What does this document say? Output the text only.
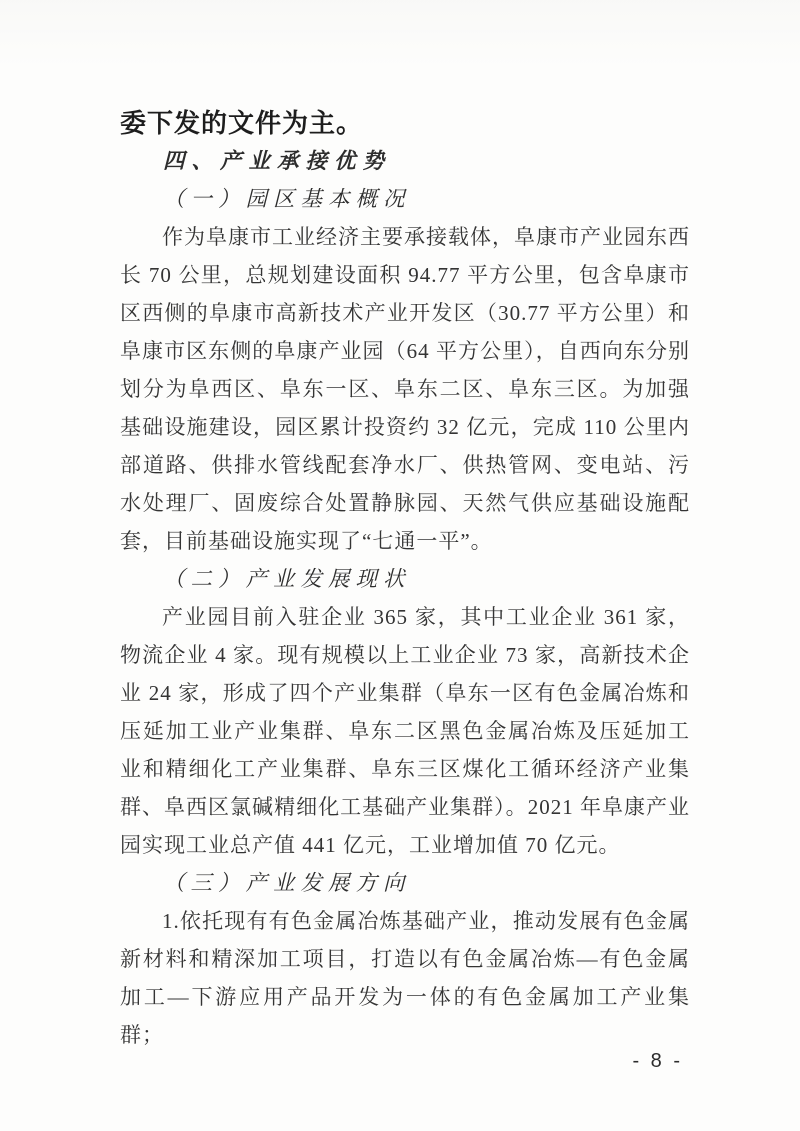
委下发的文件为主。

四、产业承接优势

（一）园区基本概况

作为阜康市工业经济主要承接载体，阜康市产业园东西长 70 公里，总规划建设面积 94.77 平方公里，包含阜康市区西侧的阜康市高新技术产业开发区（30.77 平方公里）和阜康市区东侧的阜康产业园（64 平方公里），自西向东分别划分为阜西区、阜东一区、阜东二区、阜东三区。为加强基础设施建设，园区累计投资约 32 亿元，完成 110 公里内部道路、供排水管线配套净水厂、供热管网、变电站、污水处理厂、固废综合处置静脉园、天然气供应基础设施配套，目前基础设施实现了“七通一平”。

（二）产业发展现状

产业园目前入驻企业 365 家，其中工业企业 361 家，物流企业 4 家。现有规模以上工业企业 73 家，高新技术企业 24 家，形成了四个产业集群（阜东一区有色金属冶炼和压延加工业产业集群、阜东二区黑色金属冶炼及压延加工业和精细化工产业集群、阜东三区煤化工循环经济产业集群、阜西区氯碱精细化工基础产业集群）。2021 年阜康产业园实现工业总产值 441 亿元，工业增加值 70 亿元。

（三）产业发展方向

1.依托现有有色金属冶炼基础产业，推动发展有色金属新材料和精深加工项目，打造以有色金属冶炼—有色金属加工—下游应用产品开发为一体的有色金属加工产业集群；

- 8 -
